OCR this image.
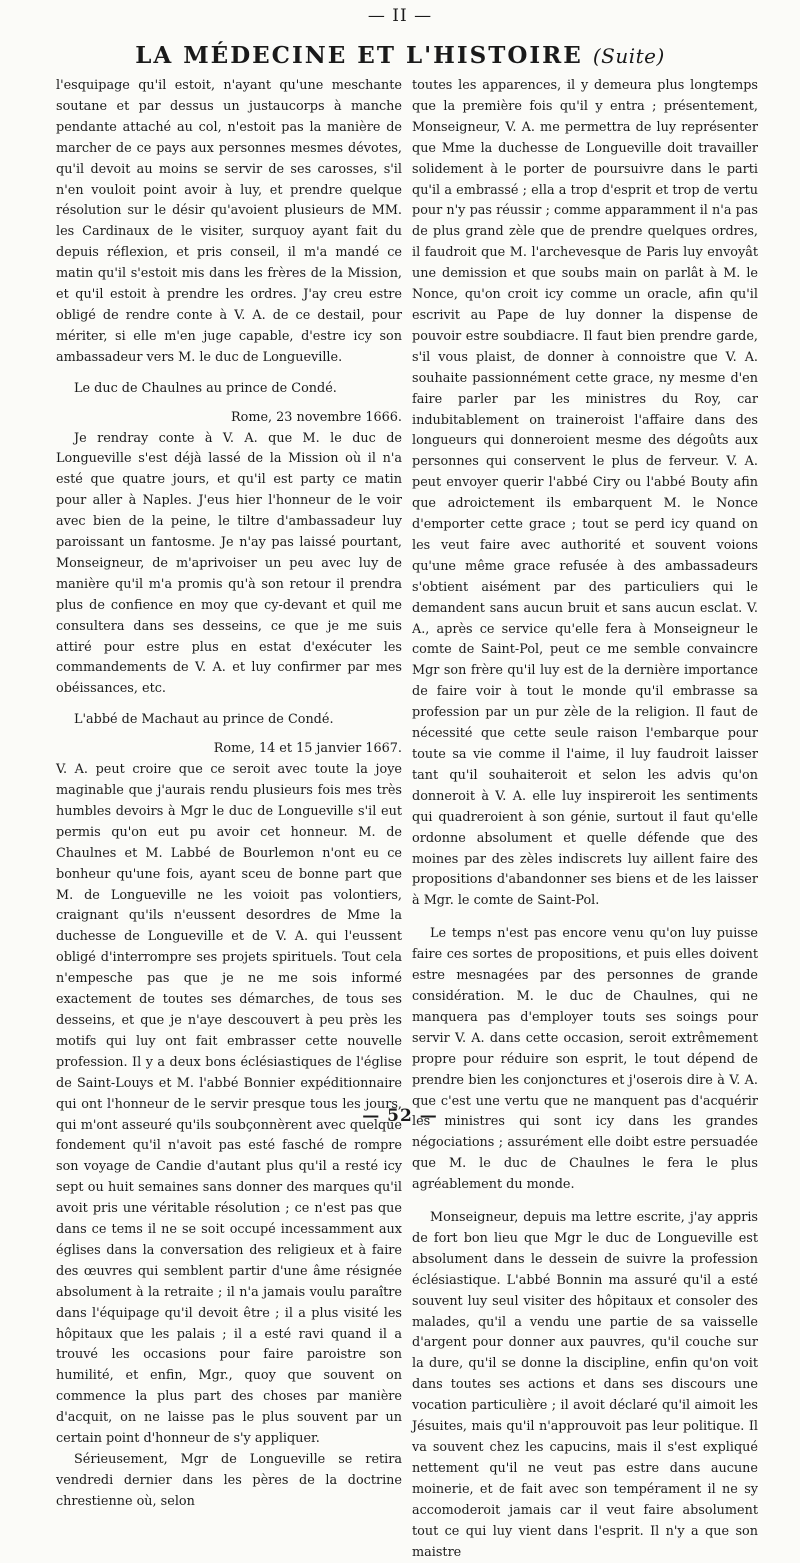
— II —
LA MÉDECINE ET L'HISTOIRE (Suite)

l'esquipage qu'il estoit, n'ayant qu'une meschante soutane et par dessus un justaucorps à manche pendante attaché au col, n'estoit pas la manière de marcher de ce pays aux personnes mesmes dévotes, qu'il devoit au moins se servir de ses carosses, s'il n'en vouloit point avoir à luy, et prendre quelque résolution sur le désir qu'avoient plusieurs de MM. les Cardinaux de le visiter, surquoy ayant fait du depuis réflexion, et pris conseil, il m'a mandé ce matin qu'il s'estoit mis dans les frères de la Mission, et qu'il estoit à prendre les ordres. J'ay creu estre obligé de rendre conte à V. A. de ce destail, pour mériter, si elle m'en juge capable, d'estre icy son ambassadeur vers M. le duc de Longueville.

Le duc de Chaulnes au prince de Condé.

Rome, 23 novembre 1666.

Je rendray conte à V. A. que M. le duc de Longueville s'est déjà lassé de la Mission où il n'a esté que quatre jours, et qu'il est party ce matin pour aller à Naples. J'eus hier l'honneur de le voir avec bien de la peine, le tiltre d'ambassadeur luy paroissant un fantosme. Je n'ay pas laissé pourtant, Monseigneur, de m'aprivoiser un peu avec luy de manière qu'il m'a promis qu'à son retour il prendra plus de confience en moy que cy-devant et quil me consultera dans ses desseins, ce que je me suis attiré pour estre plus en estat d'exécuter les commandements de V. A. et luy confirmer par mes obéissances, etc.

L'abbé de Machaut au prince de Condé.

Rome, 14 et 15 janvier 1667.

V. A. peut croire que ce seroit avec toute la joye maginable que j'aurais rendu plusieurs fois mes très humbles devoirs à Mgr le duc de Longueville s'il eut permis qu'on eut pu avoir cet honneur. M. de Chaulnes et M. Labbé de Bourlemon n'ont eu ce bonheur qu'une fois, ayant sceu de bonne part que M. de Longueville ne les voioit pas volontiers, craignant qu'ils n'eussent desordres de Mme la duchesse de Longueville et de V. A. qui l'eussent obligé d'interrompre ses projets spirituels. Tout cela n'empesche pas que je ne me sois informé exactement de toutes ses démarches, de tous ses desseins, et que je n'aye descouvert à peu près les motifs qui luy ont fait embrasser cette nouvelle profession. Il y a deux bons éclésiastiques de l'église de Saint-Louys et M. l'abbé Bonnier expéditionnaire qui ont l'honneur de le servir presque tous les jours, qui m'ont asseuré qu'ils soubçonnèrent avec quelque fondement qu'il n'avoit pas esté fasché de rompre son voyage de Candie d'autant plus qu'il a resté icy sept ou huit semaines sans donner des marques qu'il avoit pris une véritable résolution ; ce n'est pas que dans ce tems il ne se soit occupé incessamment aux églises dans la conversation des religieux et à faire des œuvres qui semblent partir d'une âme résignée absolument à la retraite ; il n'a jamais voulu paraître dans l'équipage qu'il devoit être ; il a plus visité les hôpitaux que les palais ; il a esté ravi quand il a trouvé les occasions pour faire paroistre son humilité, et enfin, Mgr., quoy que souvent on commence la plus part des choses par manière d'acquit, on ne laisse pas le plus souvent par un certain point d'honneur de s'y appliquer.

Sérieusement, Mgr de Longueville se retira vendredi dernier dans les pères de la doctrine chrestienne où, selon

toutes les apparences, il y demeura plus longtemps que la première fois qu'il y entra ; présentement, Monseigneur, V. A. me permettra de luy représenter que Mme la duchesse de Longueville doit travailler solidement à le porter de poursuivre dans le parti qu'il a embrassé ; ella a trop d'esprit et trop de vertu pour n'y pas réussir ; comme apparamment il n'a pas de plus grand zèle que de prendre quelques ordres, il faudroit que M. l'archevesque de Paris luy envoyât une demission et que soubs main on parlât à M. le Nonce, qu'on croit icy comme un oracle, afin qu'il escrivit au Pape de luy donner la dispense de pouvoir estre soubdiacre. Il faut bien prendre garde, s'il vous plaist, de donner à connoistre que V. A. souhaite passionnément cette grace, ny mesme d'en faire parler par les ministres du Roy, car indubitablement on traineroist l'affaire dans des longueurs qui donneroient mesme des dégoûts aux personnes qui conservent le plus de ferveur. V. A. peut envoyer querir l'abbé Ciry ou l'abbé Bouty afin que adroictement ils embarquent M. le Nonce d'emporter cette grace ; tout se perd icy quand on les veut faire avec authorité et souvent voions qu'une même grace refusée à des ambassadeurs s'obtient aisément par des particuliers qui le demandent sans aucun bruit et sans aucun esclat. V. A., après ce service qu'elle fera à Monseigneur le comte de Saint-Pol, peut ce me semble convaincre Mgr son frère qu'il luy est de la dernière importance de faire voir à tout le monde qu'il embrasse sa profession par un pur zèle de la religion. Il faut de nécessité que cette seule raison l'embarque pour toute sa vie comme il l'aime, il luy faudroit laisser tant qu'il souhaiteroit et selon les advis qu'on donneroit à V. A. elle luy inspireroit les sentiments qui quadreroient à son génie, surtout il faut qu'elle ordonne absolument et quelle défende que des moines par des zèles indiscrets luy aillent faire des propositions d'abandonner ses biens et de les laisser à Mgr. le comte de Saint-Pol.

Le temps n'est pas encore venu qu'on luy puisse faire ces sortes de propositions, et puis elles doivent estre mesnagées par des personnes de grande considération. M. le duc de Chaulnes, qui ne manquera pas d'employer touts ses soings pour servir V. A. dans cette occasion, seroit extrêmement propre pour réduire son esprit, le tout dépend de prendre bien les conjonctures et j'oserois dire à V. A. que c'est une vertu que ne manquent pas d'acquérir les ministres qui sont icy dans les grandes négociations ; assurément elle doibt estre persuadée que M. le duc de Chaulnes le fera le plus agréablement du monde.

Monseigneur, depuis ma lettre escrite, j'ay appris de fort bon lieu que Mgr le duc de Longueville est absolument dans le dessein de suivre la profession éclésiastique. L'abbé Bonnin ma assuré qu'il a esté souvent luy seul visiter des hôpitaux et consoler des malades, qu'il a vendu une partie de sa vaisselle d'argent pour donner aux pauvres, qu'il couche sur la dure, qu'il se donne la discipline, enfin qu'on voit dans toutes ses actions et dans ses discours une vocation particulière ; il avoit déclaré qu'il aimoit les Jésuites, mais qu'il n'approuvoit pas leur politique. Il va souvent chez les capucins, mais il s'est expliqué nettement qu'il ne veut pas estre dans aucune moinerie, et de fait avec son tempérament il ne sy accomoderoit jamais car il veut faire absolument tout ce qui luy vient dans l'esprit. Il n'y a que son maistre

— 52 —
